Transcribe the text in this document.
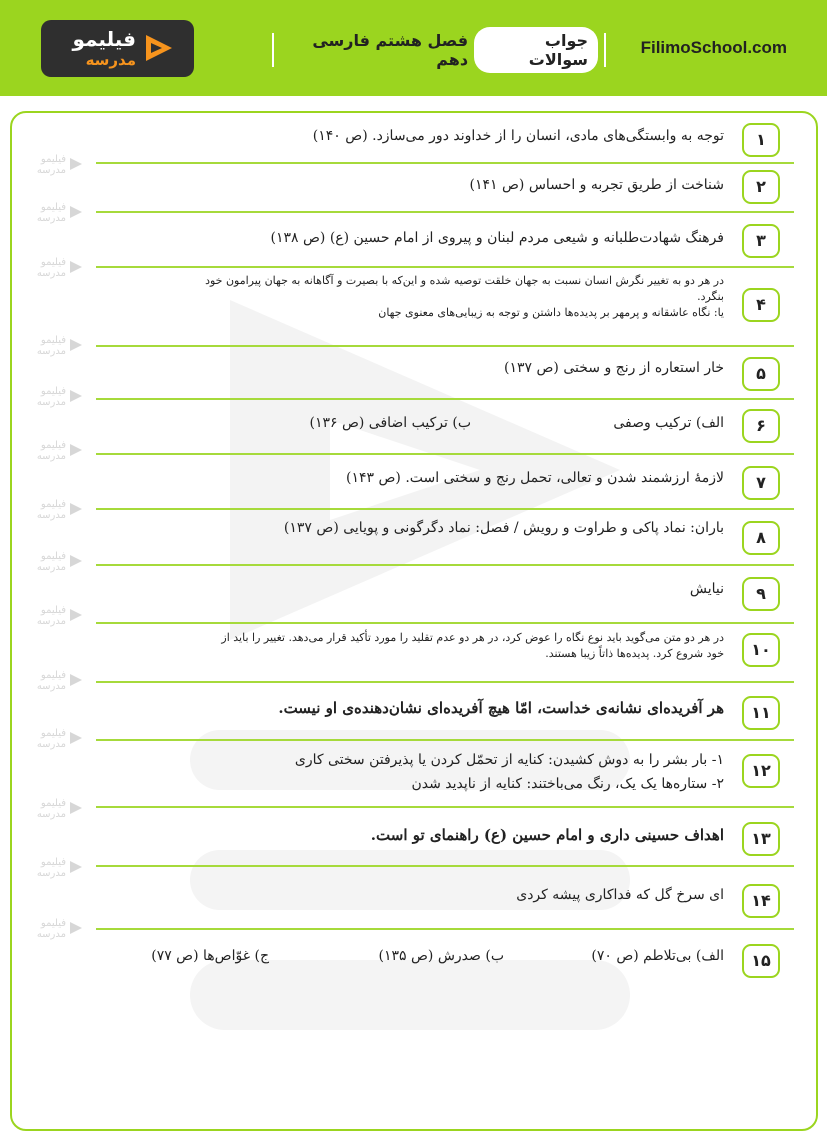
فیلیمو
مدرسه
FilimoSchool.com
جواب سوالات
فصل هشتم فارسی دهم
فیلیمو
مدرسه
فیلیمو
مدرسه
فیلیمو
مدرسه
فیلیمو
مدرسه
فیلیمو
مدرسه
فیلیمو
مدرسه
فیلیمو
مدرسه
فیلیمو
مدرسه
فیلیمو
مدرسه
فیلیمو
مدرسه
فیلیمو
مدرسه
فیلیمو
مدرسه
فیلیمو
مدرسه
فیلیمو
مدرسه
۱
توجه به وابستگی‌های مادی، انسان را از خداوند دور می‌سازد. (ص ۱۴۰)
۲
شناخت از طریق تجربه و احساس (ص ۱۴۱)
۳
فرهنگ شهادت‌طلبانه و شیعی مردم لبنان و پیروی از امام حسین (ع) (ص ۱۳۸)
۴
در هر دو به تغییر نگرش انسان نسبت به جهان خلقت توصیه شده و این‌که با بصیرت و آگاهانه به جهان پیرامون خود
بنگرد.
یا: نگاه عاشقانه و پرمهر بر پدیده‌ها داشتن و توجه به زیبایی‌های معنوی جهان
۵
خار استعاره از رنج و سختی (ص ۱۳۷)
۶
الف) ترکیب وصفی
ب) ترکیب اضافی (ص ۱۳۶)
۷
لازمهٔ ارزشمند شدن و تعالی، تحمل رنج و سختی است. (ص ۱۴۳)
۸
باران: نماد پاکی و طراوت و رویش / فصل: نماد دگرگونی و پویایی (ص ۱۳۷)
۹
نیایش
۱۰
در هر دو متن می‌گوید باید نوع نگاه را عوض کرد، در هر دو عدم تقلید را مورد تأکید قرار می‌دهد. تغییر را باید از
خود شروع کرد. پدیده‌ها ذاتاً زیبا هستند.
۱۱
هر آفریده‌ای نشانه‌ی خداست، امّا هیچ آفریده‌ای نشان‌دهنده‌ی او نیست.
۱۲
۱- بار بشر را به دوش کشیدن: کنایه از تحمّل کردن یا پذیرفتن سختی کاری
۲- ستاره‌ها یک یک، رنگ می‌باختند: کنایه از ناپدید شدن
۱۳
اهداف حسینی داری و امام حسین (ع) راهنمای تو است.
۱۴
ای سرخ گل که فداکاری پیشه کردی
۱۵
الف) بی‌تلاطم (ص ۷۰)
ب) صدرش (ص ۱۳۵)
ج) غوّاص‌ها (ص ۷۷)
